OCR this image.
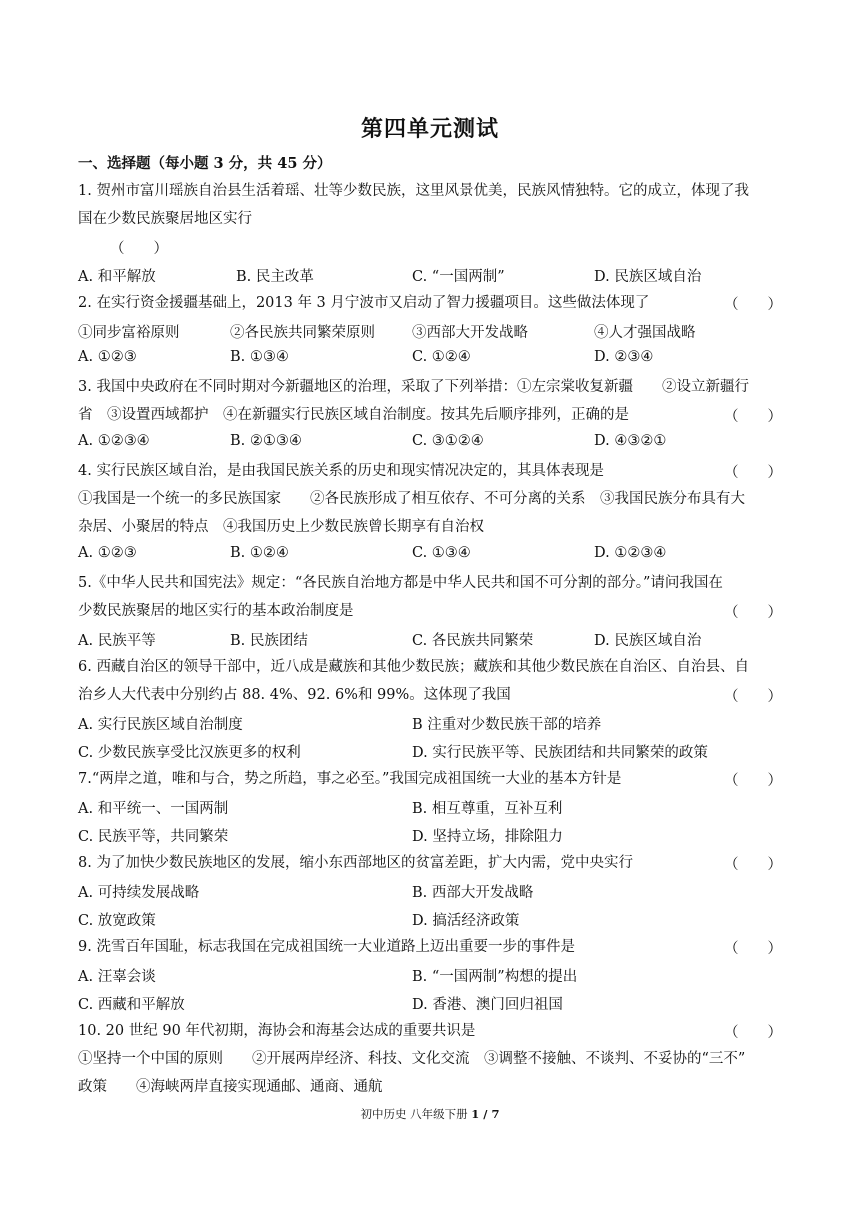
第四单元测试
一、选择题（每小题 3 分，共 45 分）
1. 贺州市富川瑶族自治县生活着瑶、壮等少数民族，这里风景优美，民族风情独特。它的成立，体现了我
国在少数民族聚居地区实行
（　　）
A. 和平解放	B. 民主改革	C. “一国两制”	D. 民族区域自治
2. 在实行资金援疆基础上，2013 年 3 月宁波市又启动了智力援疆项目。这些做法体现了	（　　）
①同步富裕原则	②各民族共同繁荣原则	③西部大开发战略	④人才强国战略
A. ①②③	B. ①③④	C. ①②④	D. ②③④
3. 我国中央政府在不同时期对今新疆地区的治理，采取了下列举措：①左宗棠收复新疆　　②设立新疆行
省　③设置西域都护　④在新疆实行民族区域自治制度。按其先后顺序排列，正确的是	（　　）
A. ①②③④	B. ②①③④	C. ③①②④	D. ④③②①
4. 实行民族区域自治，是由我国民族关系的历史和现实情况决定的，其具体表现是	（　　）
①我国是一个统一的多民族国家　　②各民族形成了相互依存、不可分离的关系　③我国民族分布具有大
杂居、小聚居的特点　④我国历史上少数民族曾长期享有自治权
A. ①②③	B. ①②④	C. ①③④	D. ①②③④
5.《中华人民共和国宪法》规定：“各民族自治地方都是中华人民共和国不可分割的部分。”请问我国在
少数民族聚居的地区实行的基本政治制度是	（　　）
A. 民族平等	B. 民族团结	C. 各民族共同繁荣	D. 民族区域自治
6. 西藏自治区的领导干部中，近八成是藏族和其他少数民族；藏族和其他少数民族在自治区、自治县、自
治乡人大代表中分别约占 88. 4%、92. 6%和 99%。这体现了我国	（　　）
A. 实行民族区域自治制度	B 注重对少数民族干部的培养
C. 少数民族享受比汉族更多的权利	D. 实行民族平等、民族团结和共同繁荣的政策
7.“两岸之道，唯和与合，势之所趋，事之必至。”我国完成祖国统一大业的基本方针是	（　　）
A. 和平统一、一国两制	B. 相互尊重，互补互利
C. 民族平等，共同繁荣	D. 坚持立场，排除阻力
8. 为了加快少数民族地区的发展，缩小东西部地区的贫富差距，扩大内需，党中央实行	（　　）
A. 可持续发展战略	B. 西部大开发战略
C. 放宽政策	D. 搞活经济政策
9. 洗雪百年国耻，标志我国在完成祖国统一大业道路上迈出重要一步的事件是	（　　）
A. 汪辜会谈	B. “一国两制”构想的提出
C. 西藏和平解放	D. 香港、澳门回归祖国
10. 20 世纪 90 年代初期，海协会和海基会达成的重要共识是	（　　）
①坚持一个中国的原则　　②开展两岸经济、科技、文化交流　③调整不接触、不谈判、不妥协的“三不”
政策　　④海峡两岸直接实现通邮、通商、通航
初中历史 八年级下册 1 / 7
